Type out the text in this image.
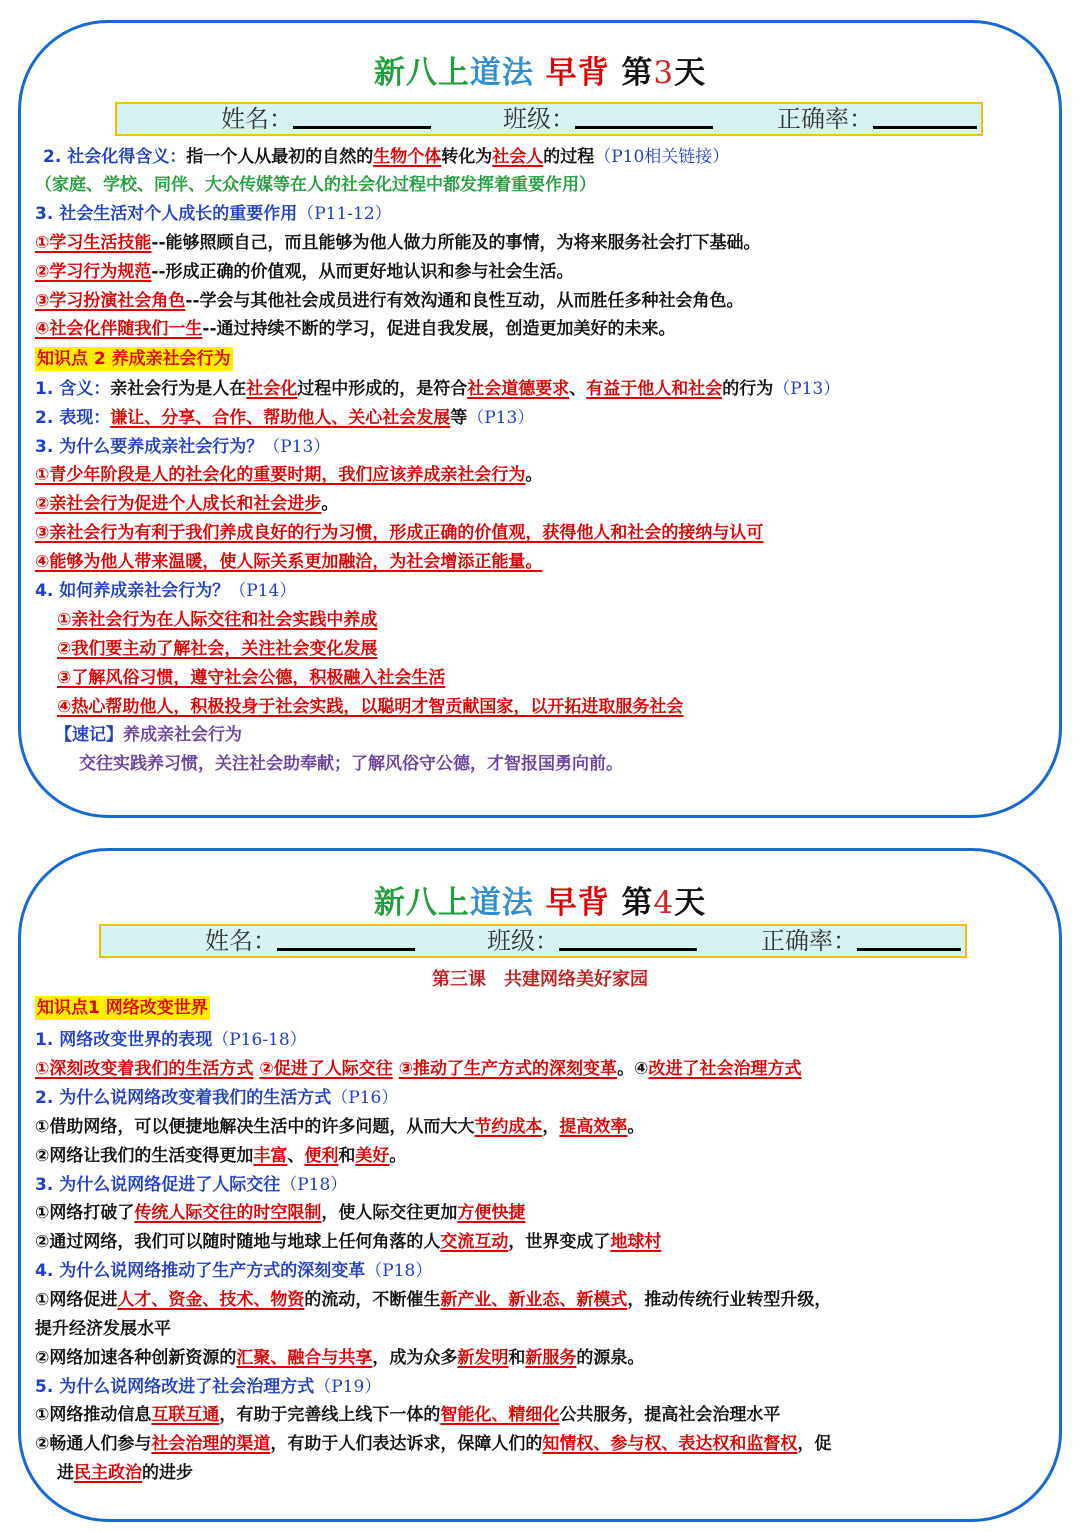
新八上道法 早背 第3天
姓名：	班级：	正确率：
2. 社会化得含义：指一个人从最初的自然的生物个体转化为社会人的过程（P10相关链接）
（家庭、学校、同伴、大众传媒等在人的社会化过程中都发挥着重要作用）
3. 社会生活对个人成长的重要作用（P11-12）
①学习生活技能--能够照顾自己，而且能够为他人做力所能及的事情，为将来服务社会打下基础。
②学习行为规范--形成正确的价值观，从而更好地认识和参与社会生活。
③学习扮演社会角色--学会与其他社会成员进行有效沟通和良性互动，从而胜任多种社会角色。
④社会化伴随我们一生--通过持续不断的学习，促进自我发展，创造更加美好的未来。
知识点 2 养成亲社会行为
1. 含义：亲社会行为是人在社会化过程中形成的，是符合社会道德要求、有益于他人和社会的行为（P13）
2. 表现：谦让、分享、合作、帮助他人、关心社会发展等（P13）
3. 为什么要养成亲社会行为？（P13）
①青少年阶段是人的社会化的重要时期，我们应该养成亲社会行为。
②亲社会行为促进个人成长和社会进步。
③亲社会行为有利于我们养成良好的行为习惯，形成正确的价值观，获得他人和社会的接纳与认可
④能够为他人带来温暖，使人际关系更加融洽，为社会增添正能量。
4. 如何养成亲社会行为？（P14）
①亲社会行为在人际交往和社会实践中养成
②我们要主动了解社会，关注社会变化发展
③了解风俗习惯，遵守社会公德，积极融入社会生活
④热心帮助他人，积极投身于社会实践，以聪明才智贡献国家，以开拓进取服务社会
【速记】养成亲社会行为
交往实践养习惯，关注社会助奉献；了解风俗守公德，才智报国勇向前。
新八上道法 早背 第4天
姓名：	班级：	正确率：
第三课　共建网络美好家园
知识点1 网络改变世界
1. 网络改变世界的表现（P16-18）
①深刻改变着我们的生活方式 ②促进了人际交往 ③推动了生产方式的深刻变革。④改进了社会治理方式
2. 为什么说网络改变着我们的生活方式（P16）
①借助网络，可以便捷地解决生活中的许多问题，从而大大节约成本，提高效率。
②网络让我们的生活变得更加丰富、便利和美好。
3. 为什么说网络促进了人际交往（P18）
①网络打破了传统人际交往的时空限制，使人际交往更加方便快捷
②通过网络，我们可以随时随地与地球上任何角落的人交流互动，世界变成了地球村
4. 为什么说网络推动了生产方式的深刻变革（P18）
①网络促进人才、资金、技术、物资的流动，不断催生新产业、新业态、新模式，推动传统行业转型升级，
提升经济发展水平
②网络加速各种创新资源的汇聚、融合与共享，成为众多新发明和新服务的源泉。
5. 为什么说网络改进了社会治理方式（P19）
①网络推动信息互联互通，有助于完善线上线下一体的智能化、精细化公共服务，提高社会治理水平
②畅通人们参与社会治理的渠道，有助于人们表达诉求，保障人们的知情权、参与权、表达权和监督权，促
进民主政治的进步
